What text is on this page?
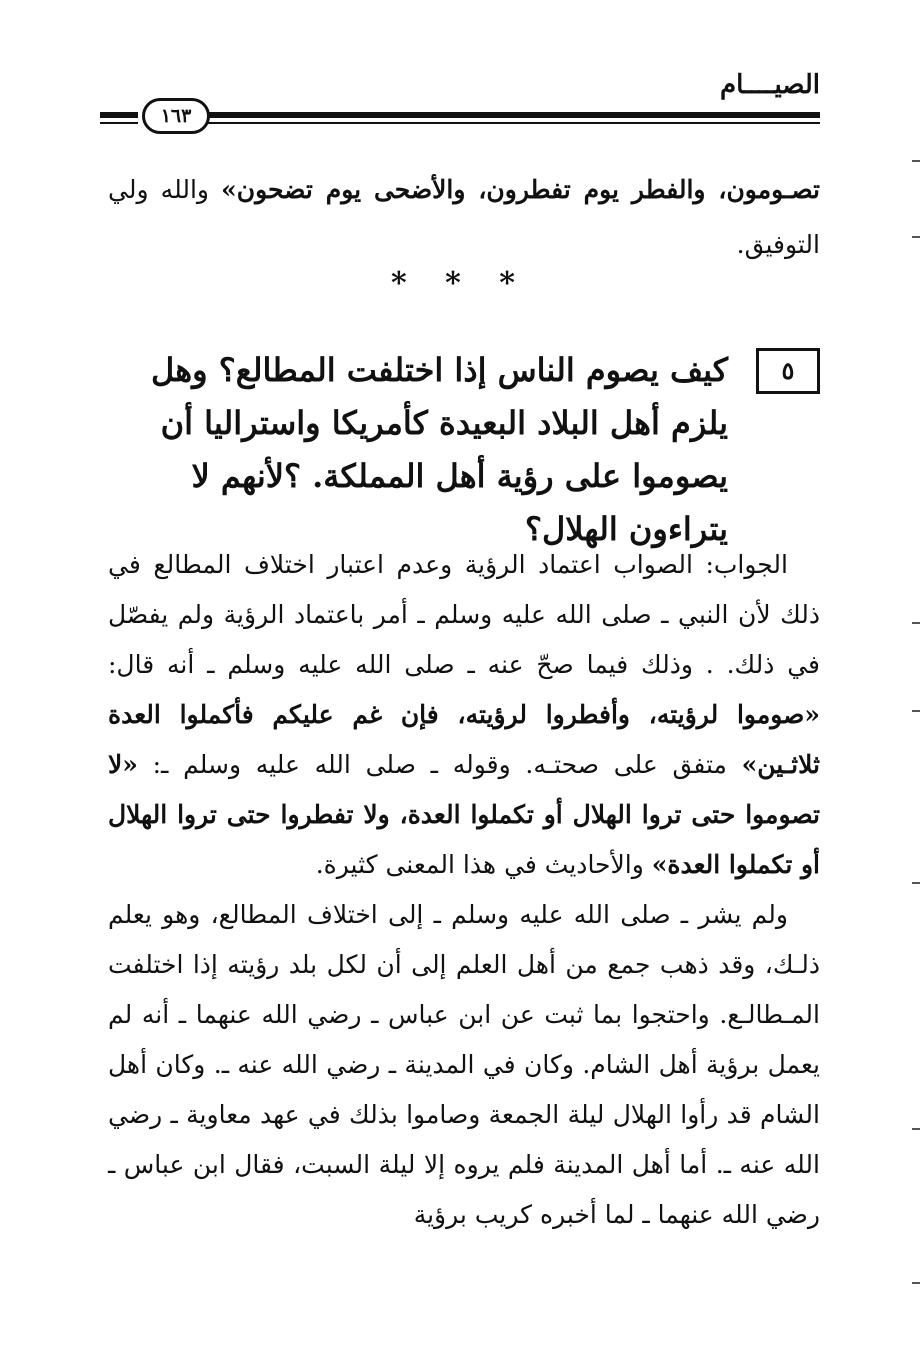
الصيــــام
١٦٣
تصـومون، والفطر يوم تفطرون، والأضحى يوم تضحون» والله ولي التوفيق.
* * *
٥
كيف يصوم الناس إذا اختلفت المطالع؟ وهل يلزم أهل البلاد البعيدة كأمريكا واستراليا أن يصوموا على رؤية أهل المملكة. ؟لأنهم لا يتراءون الهلال؟

الجواب: الصواب اعتماد الرؤية وعدم اعتبار اختلاف المطالع في ذلك لأن النبي ـ صلى الله عليه وسلم ـ أمر باعتماد الرؤية ولم يفصّل في ذلك. . وذلك فيما صحّ عنه ـ صلى الله عليه وسلم ـ أنه قال: «صوموا لرؤيته، وأفطروا لرؤيته، فإن غم عليكم فأكملوا العدة ثلاثـين» متفق على صحتـه. وقوله ـ صلى الله عليه وسلم ـ: «لا تصوموا حتى تروا الهلال أو تكملوا العدة، ولا تفطروا حتى تروا الهلال أو تكملوا العدة» والأحاديث في هذا المعنى كثيرة.

ولم يشر ـ صلى الله عليه وسلم ـ إلى اختلاف المطالع، وهو يعلم ذلـك، وقد ذهب جمع من أهل العلم إلى أن لكل بلد رؤيته إذا اختلفت المـطالـع. واحتجوا بما ثبت عن ابن عباس ـ رضي الله عنهما ـ أنه لم يعمل برؤية أهل الشام. وكان في المدينة ـ رضي الله عنه ـ. وكان أهل الشام قد رأوا الهلال ليلة الجمعة وصاموا بذلك في عهد معاوية ـ رضي الله عنه ـ. أما أهل المدينة فلم يروه إلا ليلة السبت، فقال ابن عباس ـ رضي الله عنهما ـ لما أخبره كريب برؤية
